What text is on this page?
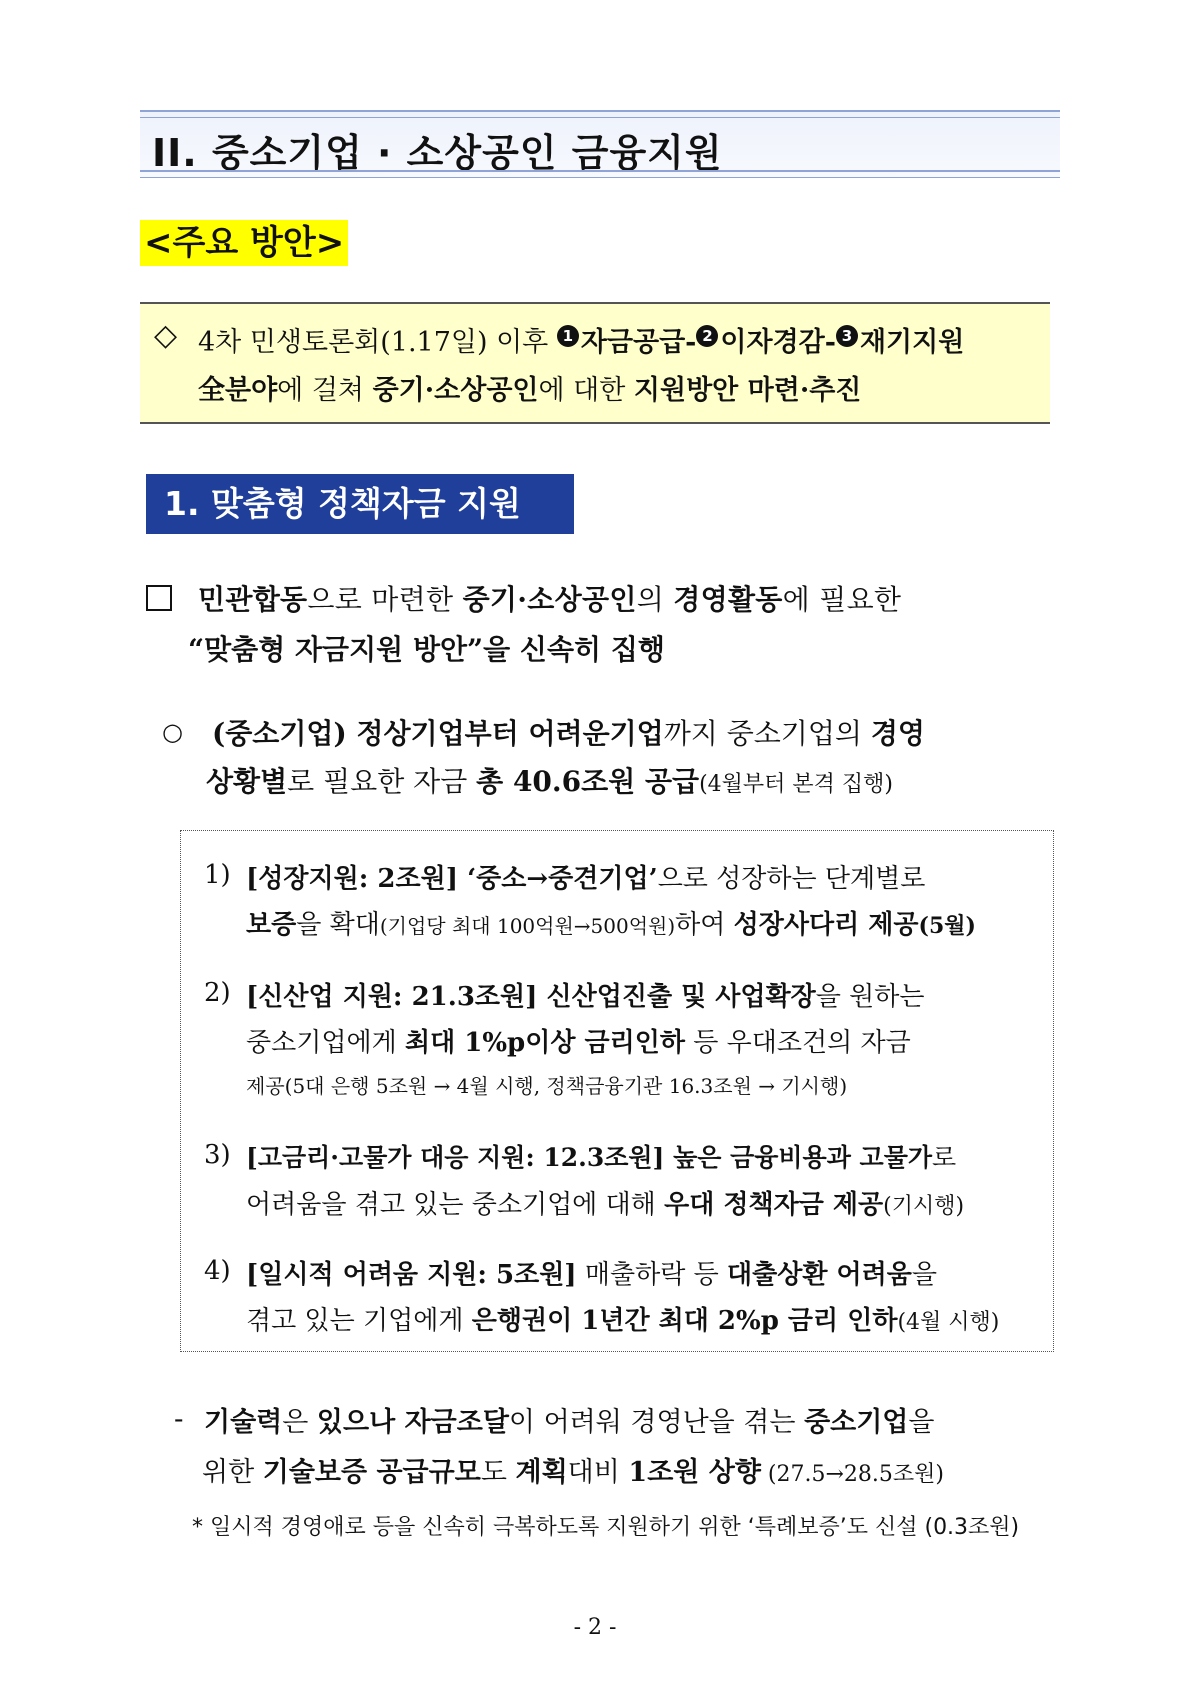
II. 중소기업 · 소상공인 금융지원
<주요 방안>
◇ 4차 민생토론회(1.17일) 이후 1 자금공급- 2 이자경감- 3 재기지원
全분야에 걸쳐 중기·소상공인에 대한 지원방안 마련·추진
1. 맞춤형 정책자금 지원
민관합동으로 마련한 중기·소상공인의 경영활동에 필요한
“맞춤형 자금지원 방안”을 신속히 집행
○ (중소기업) 정상기업부터 어려운기업까지 중소기업의 경영
상황별로 필요한 자금 총 40.6조원 공급(4월부터 본격 집행)
1) [성장지원: 2조원] ‘중소→중견기업’으로 성장하는 단계별로
보증을 확대(기업당 최대 100억원→500억원)하여 성장사다리 제공(5월)
2) [신산업 지원: 21.3조원] 신산업진출 및 사업확장을 원하는
중소기업에게 최대 1%p이상 금리인하 등 우대조건의 자금
제공(5대 은행 5조원 → 4월 시행, 정책금융기관 16.3조원 → 기시행)
3) [고금리·고물가 대응 지원: 12.3조원] 높은 금융비용과 고물가로
어려움을 겪고 있는 중소기업에 대해 우대 정책자금 제공(기시행)
4) [일시적 어려움 지원: 5조원] 매출하락 등 대출상환 어려움을
겪고 있는 기업에게 은행권이 1년간 최대 2%p 금리 인하(4월 시행)
- 기술력은 있으나 자금조달이 어려워 경영난을 겪는 중소기업을
위한 기술보증 공급규모도 계획대비 1조원 상향 (27.5→28.5조원)
* 일시적 경영애로 등을 신속히 극복하도록 지원하기 위한 ‘특례보증’도 신설 (0.3조원)
- 2 -
